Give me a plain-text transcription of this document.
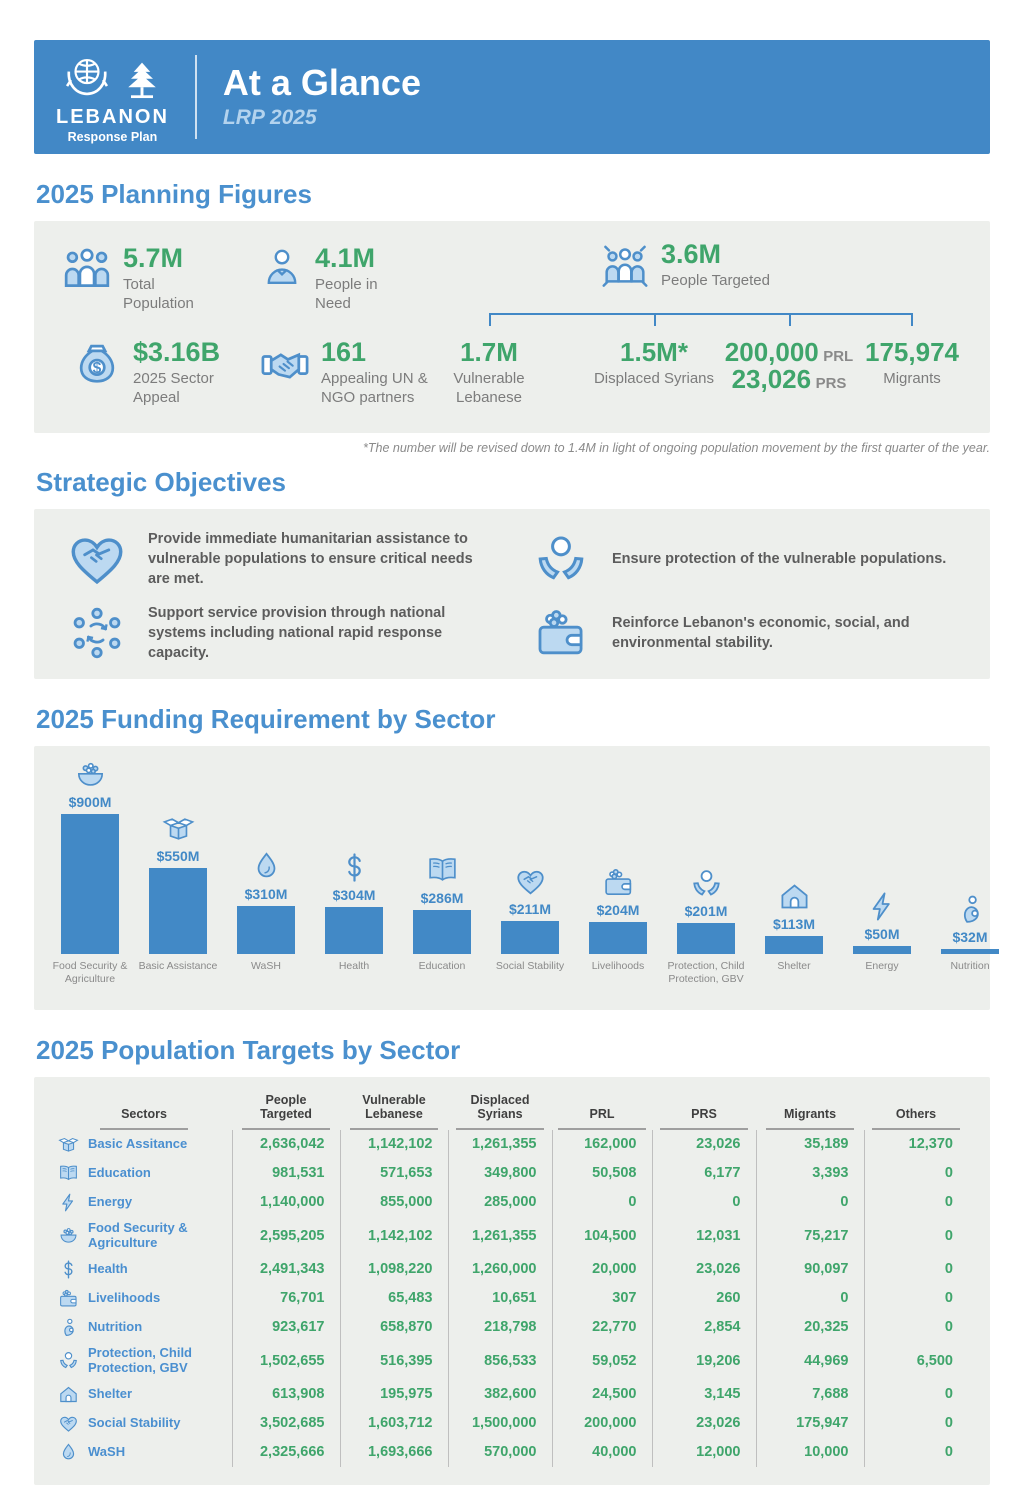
LEBANON
Response Plan
At a Glance
LRP 2025
2025 Planning Figures
5.7M
Total Population
4.1M
People in Need
3.6M
People Targeted
$3.16B
2025 Sector Appeal
161
Appealing UN & NGO partners
1.7M
Vulnerable Lebanese
1.5M*
Displaced Syrians
200,000 PRL
23,026 PRS
175,974
Migrants
*The number will be revised down to 1.4M in light of ongoing population movement by the first quarter of the year.
Strategic Objectives
Provide immediate humanitarian assistance to vulnerable populations to ensure critical needs are met.
Ensure protection of the vulnerable populations.
Support service provision through national systems including national rapid response capacity.
Reinforce Lebanon's economic, social, and environmental stability.
2025 Funding Requirement by Sector
$900M
Food Security & Agriculture
$550M
Basic Assistance
$310M
WaSH
$304M
Health
$286M
Education
$211M
Social Stability
$204M
Livelihoods
$201M
Protection, Child Protection, GBV
$113M
Shelter
$50M
Energy
$32M
Nutrition
2025 Population Targets by Sector
Sectors	People Targeted	Vulnerable Lebanese	Displaced Syrians	PRL	PRS	Migrants	Others

Basic Assitance	2,636,042	1,142,102	1,261,355	162,000	23,026	35,189	12,370

Education	981,531	571,653	349,800	50,508	6,177	3,393	0

Energy	1,140,000	855,000	285,000	0	0	0	0

Food Security & Agriculture	2,595,205	1,142,102	1,261,355	104,500	12,031	75,217	0

Health	2,491,343	1,098,220	1,260,000	20,000	23,026	90,097	0

Livelihoods	76,701	65,483	10,651	307	260	0	0

Nutrition	923,617	658,870	218,798	22,770	2,854	20,325	0

Protection, Child Protection, GBV	1,502,655	516,395	856,533	59,052	19,206	44,969	6,500

Shelter	613,908	195,975	382,600	24,500	3,145	7,688	0

Social Stability	3,502,685	1,603,712	1,500,000	200,000	23,026	175,947	0

WaSH	2,325,666	1,693,666	570,000	40,000	12,000	10,000	0
